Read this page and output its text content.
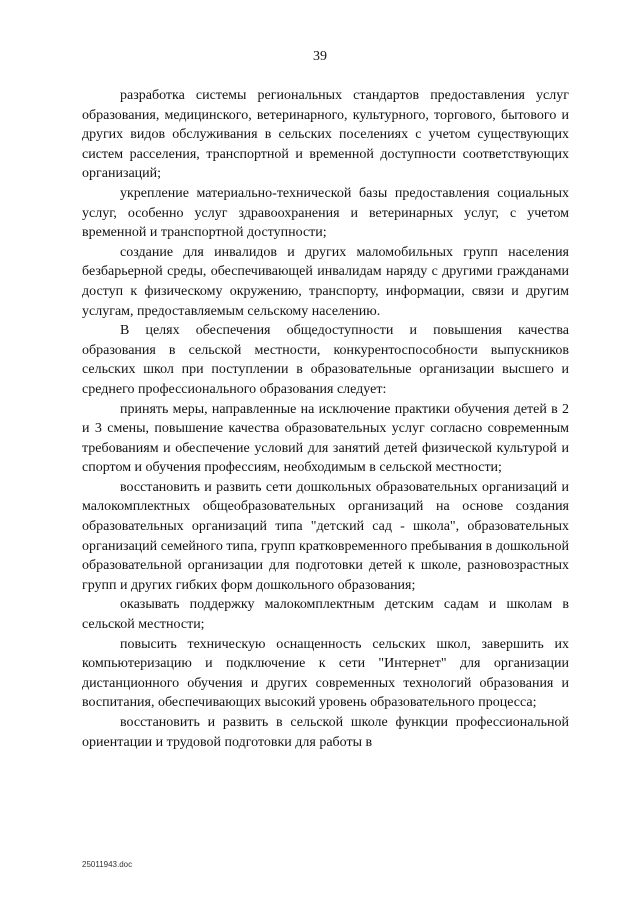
39

разработка системы региональных стандартов предоставления услуг образования, медицинского, ветеринарного, культурного, торгового, бытового и других видов обслуживания в сельских поселениях с учетом существующих систем расселения, транспортной и временной доступности соответствующих организаций;

укрепление материально-технической базы предоставления социальных услуг, особенно услуг здравоохранения и ветеринарных услуг, с учетом временной и транспортной доступности;

создание для инвалидов и других маломобильных групп населения безбарьерной среды, обеспечивающей инвалидам наряду с другими гражданами доступ к физическому окружению, транспорту, информации, связи и другим услугам, предоставляемым сельскому населению.

В целях обеспечения общедоступности и повышения качества образования в сельской местности, конкурентоспособности выпускников сельских школ при поступлении в образовательные организации высшего и среднего профессионального образования следует:

принять меры, направленные на исключение практики обучения детей в 2 и 3 смены, повышение качества образовательных услуг согласно современным требованиям и обеспечение условий для занятий детей физической культурой и спортом и обучения профессиям, необходимым в сельской местности;

восстановить и развить сети дошкольных образовательных организаций и малокомплектных общеобразовательных организаций на основе создания образовательных организаций типа "детский сад - школа", образовательных организаций семейного типа, групп кратковременного пребывания в дошкольной образовательной организации для подготовки детей к школе, разновозрастных групп и других гибких форм дошкольного образования;

оказывать поддержку малокомплектным детским садам и школам в сельской местности;

повысить техническую оснащенность сельских школ, завершить их компьютеризацию и подключение к сети "Интернет" для организации дистанционного обучения и других современных технологий образования и воспитания, обеспечивающих высокий уровень образовательного процесса;

восстановить и развить в сельской школе функции профессиональной ориентации и трудовой подготовки для работы в

25011943.doc
